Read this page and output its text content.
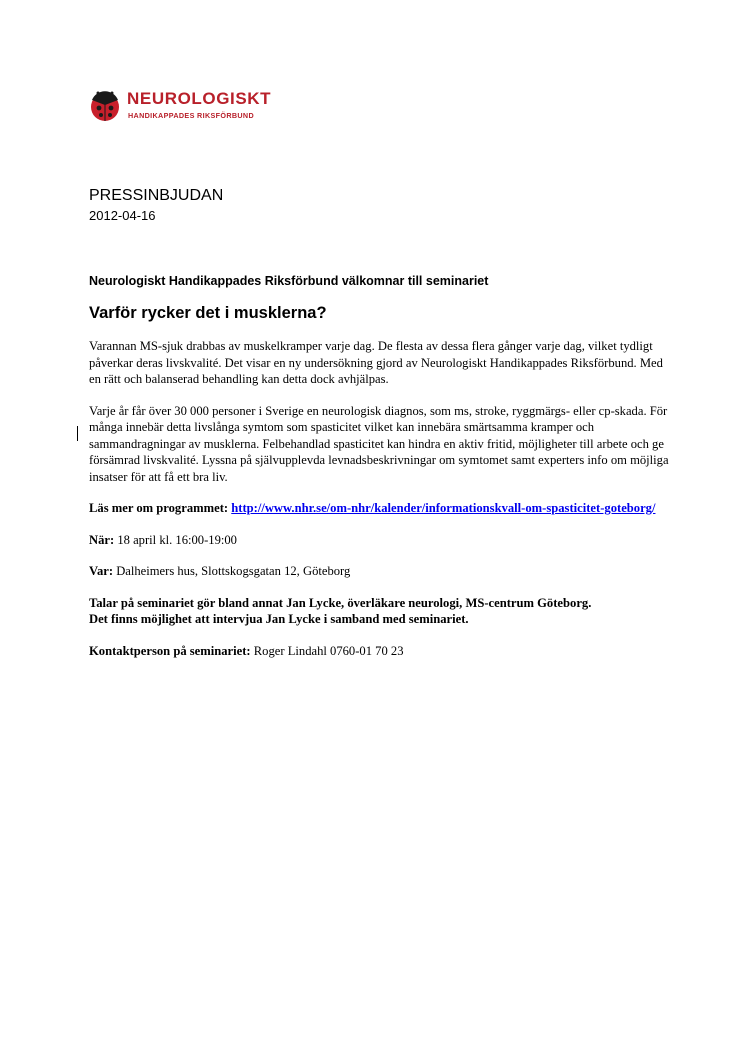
NEUROLOGISKT
HANDIKAPPADES RIKSFÖRBUND
PRESSINBJUDAN
2012-04-16

Neurologiskt Handikappades Riksförbund välkomnar till seminariet

Varför rycker det i musklerna?

Varannan MS-sjuk drabbas av muskelkramper varje dag. De flesta av dessa flera gånger varje dag, vilket tydligt påverkar deras livskvalité. Det visar en ny undersökning gjord av Neurologiskt Handikappades Riksförbund. Med en rätt och balanserad behandling kan detta dock avhjälpas.

Varje år får över 30 000 personer i Sverige en neurologisk diagnos, som ms, stroke, ryggmärgs- eller cp-skada. För många innebär detta livslånga symtom som spasticitet vilket kan innebära smärtsamma kramper och sammandragningar av musklerna. Felbehandlad spasticitet kan hindra en aktiv fritid, möjligheter till arbete och ge försämrad livskvalité. Lyssna på självupplevda levnadsbeskrivningar om symtomet samt experters info om möjliga insatser för att få ett bra liv.

Läs mer om programmet: http://www.nhr.se/om-nhr/kalender/informationskvall-om-spasticitet-goteborg/

När: 18 april kl. 16:00-19:00

Var: Dalheimers hus, Slottskogsgatan 12, Göteborg

Talar på seminariet gör bland annat Jan Lycke, överläkare neurologi, MS-centrum Göteborg.
Det finns möjlighet att intervjua Jan Lycke i samband med seminariet.

Kontaktperson på seminariet: Roger Lindahl 0760-01 70 23
